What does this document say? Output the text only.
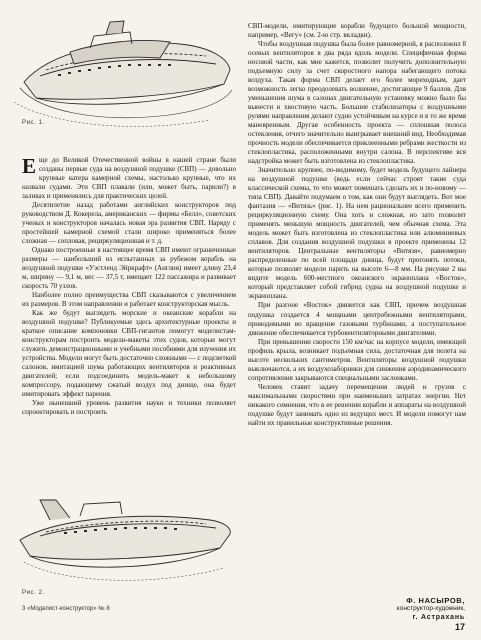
Рис. 1.
Рис. 2.

Еще до Великой Отечественной войны в нашей стране были созданы первые суда на воздушной подушке (СВП) — довольно крупные катера камерной схемы, настолько крупные, что их назвали судами. Эти СВП плавали (или, может быть, парили?) в заливах и применялись для практических целей.

Десятилетие назад работами английских конструкторов под руководством Д. Кокерела, американских — фирмы «Белл», советских ученых и конструкторов началась новая эра развития СВП. Наряду с простейшей камерной схемой стали широко применяться более сложная — сопловая, рециркуляционная и т. д.

Однако построенные в настоящее время СВП имеют ограниченные размеры — наибольший из испытанных за рубежом корабль на воздушной подушке «Уэстленд Эйркрафт» (Англия) имеет длину 23,4 м, ширину — 9,1 м, вес — 37,5 т, вмещает 122 пассажира и развивает скорость 70 узлов.

Наиболее полно преимущества СВП сказываются с увеличением их размеров. В этом направлении и работает конструкторская мысль.

Как же будут выглядеть морские и океанские корабли на воздушной подушке? Публикуемые здесь архитектурные проекты и краткое описание компоновки СВП-гигантов помогут моделистам-конструкторам построить модели-макеты этих судов, которые могут служить демонстрационными и учебными пособиями для изучения их устройства. Модели могут быть достаточно сложными — с подсветкой салонов, имитацией шума работающих вентиляторов и реактивных двигателей; если подсоединить модель-макет к небольшому компрессору, подающему сжатый воздух под днище, она будет имитировать эффект парения.

Уже нынешний уровень развития науки и техники позволяет спроектировать и построить

СВП-модели, имитирующие корабли будущего большой мощности, например, «Вегу» (см. 2-ю стр. вкладки).

Чтобы воздушная подушка была более равномерной, я расположил 8 осевых вентиляторов в два ряда вдоль модели. Специфичная форма носовой части, как мне кажется, позволит получить дополнительную подъемную силу за счет скоростного напора набегающего потока воздуха. Такая форма СВП делает его более мореходным, дает возможность легко преодолевать волнение, достигающее 9 баллов. Для уменьшения шума в салонах двигательную установку можно было бы вынести в хвостовую часть. Большие стабилизаторы с воздушными рулями направления делают судно устойчивым на курсе и в то же время маневренным. Другая особенность проекта — сплошная полоса остекления, отчего значительно выигрывает внешний вид. Необходимая прочность модели обеспечивается приклеенными ребрами жесткости из стеклопластика, расположенными внутри салона. В перспективе вся надстройка может быть изготовлена из стеклопластика.

Значительно крупнее, по-видимому, будет модель будущего лайнера на воздушной подушке (ведь если сейчас строят такие суда классической схемы, то что может помешать сделать их и по-новому — типа СВП). Давайте подумаем о том, как они будут выглядеть. Вот мое фантазия — «Витязь» (рис. 1). На нем рациональнее всего применить рециркуляционную схему. Она хоть и сложная, но зато позволит применять меньшую мощность двигателей, чем обычная схема. Эта модель может быть изготовлена из стеклопластика или алюминиевых сплавов. Для создания воздушной подушки в проекте применены 12 вентиляторов. Центральные вентиляторы «Витязя», равномерно распределенные по всей площади днища, будут прогонять потоки, которые позволят модели парить на высоте 6—8 мм. На рисунке 2 вы видите модель 600-местного океанского экраноплана «Восток», который представляет собой гибрид судна на воздушной подушке и экраноплана.

При разгоне «Восток» движется как СВП, причем воздушная подушка создается 4 мощными центробежными вентиляторами, приводимыми во вращение газовыми турбинами, а поступательное движение обеспечивается турбовентиляторными двигателями.

При превышении скорости 150 км/час на корпусе модели, имеющей профиль крыла, возникает подъемная сила, достаточная для полета на высоте нескольких сантиметров. Вентиляторы воздушной подушки выключаются, а их воздухозаборники для снижения аэродинамического сопротивления закрываются специальными заслонками.

Человек ставит задачу перемещения людей и грузов с максимальными скоростями при наименьших затратах энергии. Нет никакого сомнения, что в ее решении корабли и аппараты на воздушной подушке будут занимать одно из ведущих мест. И модели помогут нам найти их правильные конструктивные решения.

Ф. НАСЫРОВ,
конструктор-художник,
г. Астрахань
3 «Моделист-конструктор» № 8
17
